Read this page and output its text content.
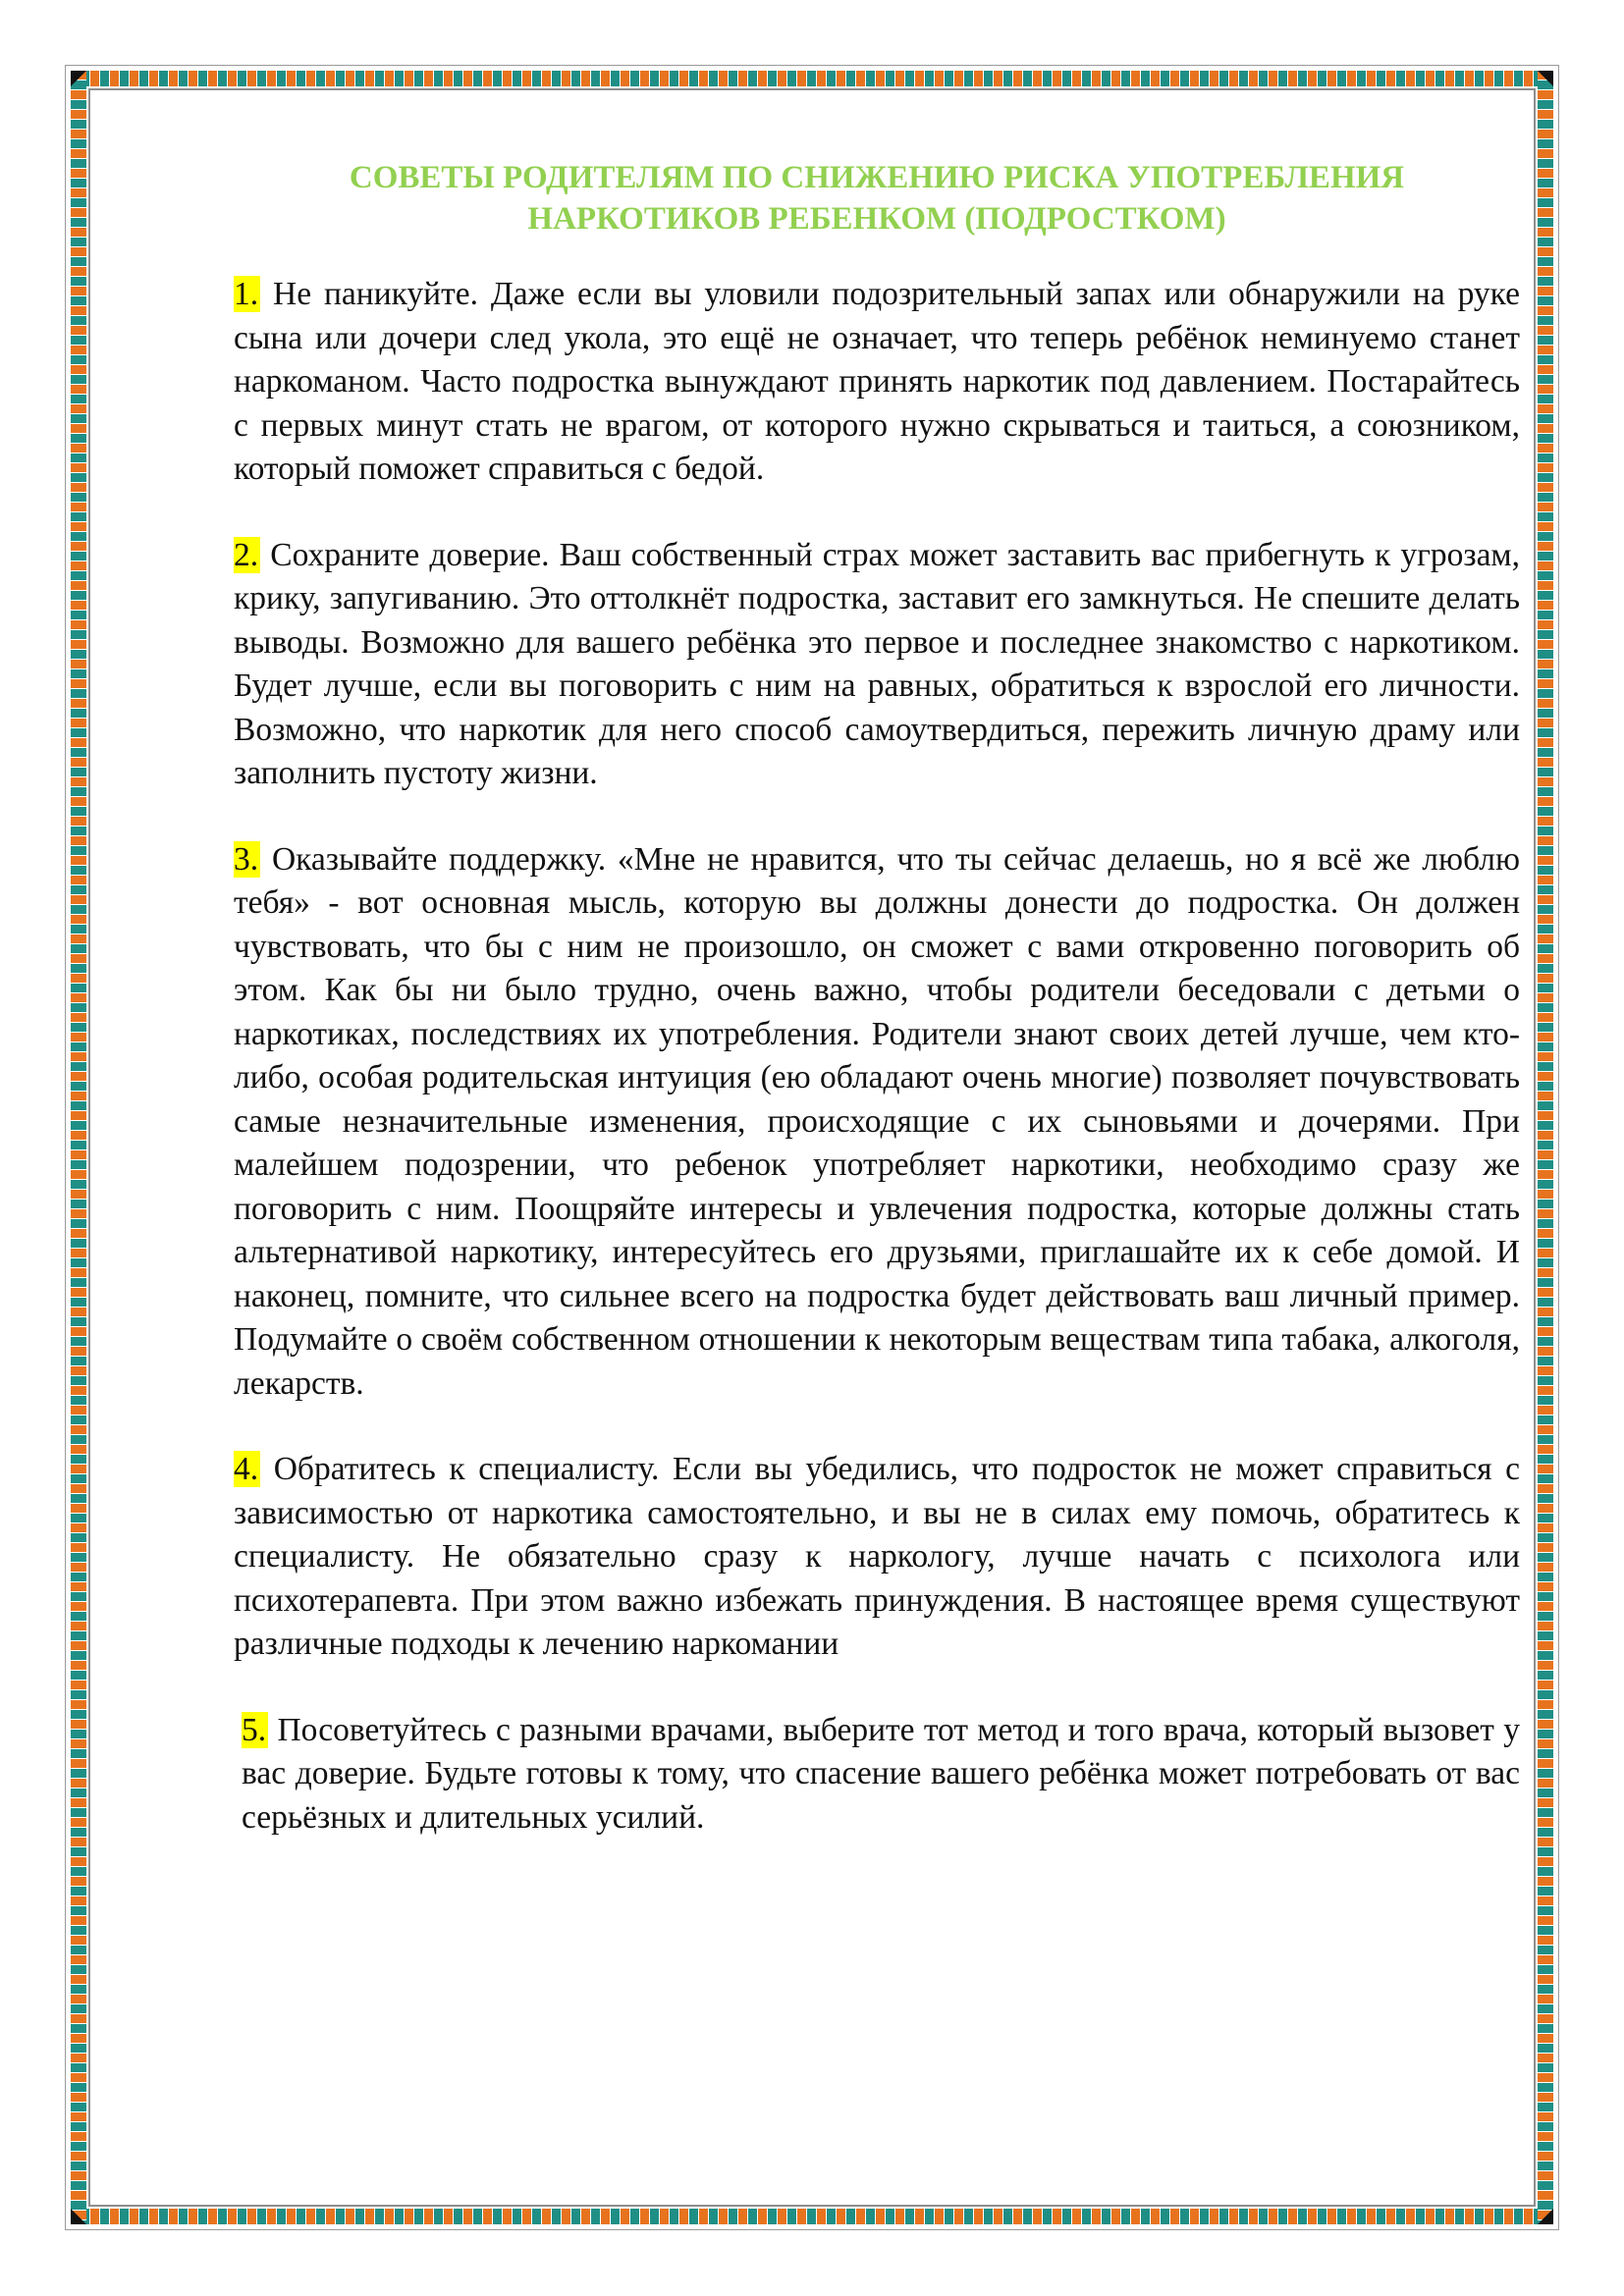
СОВЕТЫ РОДИТЕЛЯМ ПО СНИЖЕНИЮ РИСКА УПОТРЕБЛЕНИЯ
НАРКОТИКОВ РЕБЕНКОМ (ПОДРОСТКОМ)

1. Не паникуйте. Даже если вы уловили подозрительный запах или обнаружили на руке сына или дочери след укола, это ещё не означает, что теперь ребёнок неминуемо станет наркоманом. Часто подростка вынуждают принять наркотик под давлением. Постарайтесь с первых минут стать не врагом, от которого нужно скрываться и таиться, а союзником, который поможет справиться с бедой.

2. Сохраните доверие. Ваш собственный страх может заставить вас прибегнуть к угрозам, крику, запугиванию. Это оттолкнёт подростка, заставит его замкнуться. Не спешите делать выводы. Возможно для вашего ребёнка это первое и последнее знакомство с наркотиком. Будет лучше, если вы поговорить с ним на равных, обратиться к взрослой его личности. Возможно, что наркотик для него способ самоутвердиться, пережить личную драму или заполнить пустоту жизни.

3. Оказывайте поддержку. «Мне не нравится, что ты сейчас делаешь, но я всё же люблю тебя» - вот основная мысль, которую вы должны донести до подростка. Он должен чувствовать, что бы с ним не произошло, он сможет с вами откровенно поговорить об этом. Как бы ни было трудно, очень важно, чтобы родители беседовали с детьми о наркотиках, последствиях их употребления. Родители знают своих детей лучше, чем кто-либо, особая родительская интуиция (ею обладают очень многие) позволяет почувствовать самые незначительные изменения, происходящие с их сыновьями и дочерями. При малейшем подозрении, что ребенок употребляет наркотики, необходимо сразу же поговорить с ним. Поощряйте интересы и увлечения подростка, которые должны стать альтернативой наркотику, интересуйтесь его друзьями, приглашайте их к себе домой. И наконец, помните, что сильнее всего на подростка будет действовать ваш личный пример. Подумайте о своём собственном отношении к некоторым веществам типа табака, алкоголя, лекарств.

4. Обратитесь к специалисту. Если вы убедились, что подросток не может справиться с зависимостью от наркотика самостоятельно, и вы не в силах ему помочь, обратитесь к специалисту. Не обязательно сразу к наркологу, лучше начать с психолога или психотерапевта. При этом важно избежать принуждения. В настоящее время существуют различные подходы к лечению наркомании

5. Посоветуйтесь с разными врачами, выберите тот метод и того врача, который вызовет у вас доверие. Будьте готовы к тому, что спасение вашего ребёнка может потребовать от вас серьёзных и длительных усилий.
